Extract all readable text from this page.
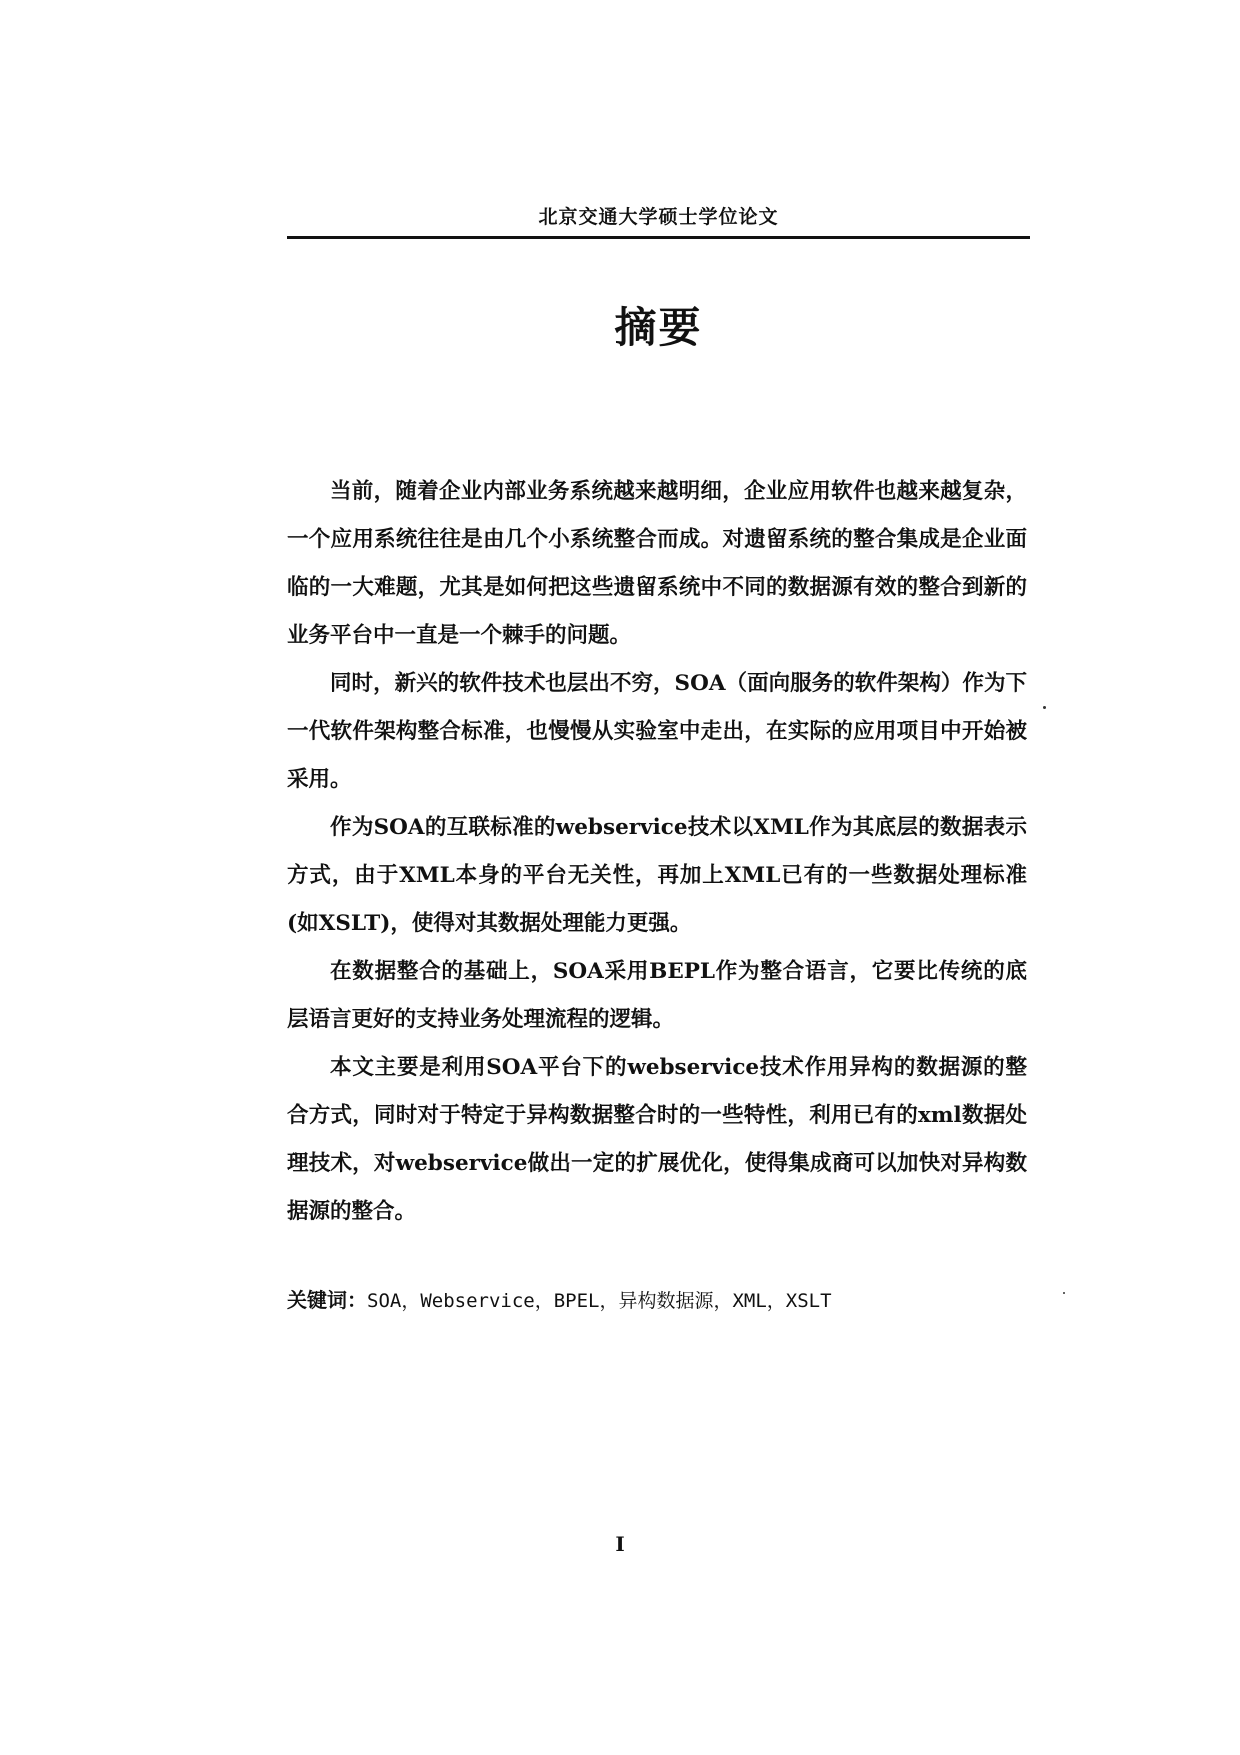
北京交通大学硕士学位论文
摘要

当前，随着企业内部业务系统越来越明细，企业应用软件也越来越复杂，一个应用系统往往是由几个小系统整合而成。对遗留系统的整合集成是企业面临的一大难题，尤其是如何把这些遗留系统中不同的数据源有效的整合到新的业务平台中一直是一个棘手的问题。

同时，新兴的软件技术也层出不穷，SOA（面向服务的软件架构）作为下一代软件架构整合标准，也慢慢从实验室中走出，在实际的应用项目中开始被采用。

作为SOA的互联标准的webservice技术以XML作为其底层的数据表示方式，由于XML本身的平台无关性，再加上XML已有的一些数据处理标准(如XSLT)，使得对其数据处理能力更强。

在数据整合的基础上，SOA采用BEPL作为整合语言，它要比传统的底层语言更好的支持业务处理流程的逻辑。

本文主要是利用SOA平台下的webservice技术作用异构的数据源的整合方式，同时对于特定于异构数据整合时的一些特性，利用已有的xml数据处理技术，对webservice做出一定的扩展优化，使得集成商可以加快对异构数据源的整合。

关键词：SOA，Webservice，BPEL，异构数据源，XML，XSLT
I
